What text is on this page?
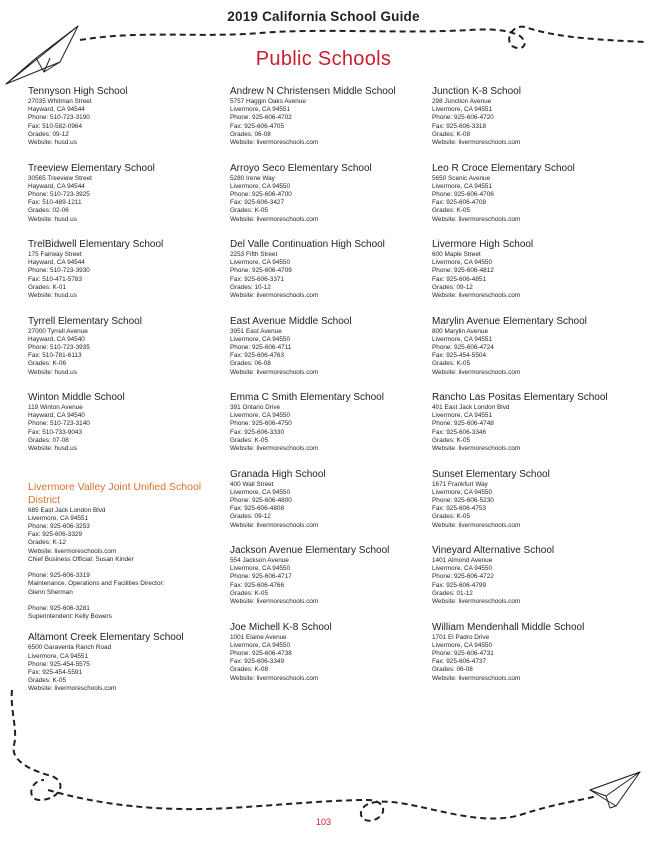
2019 California School Guide
Public Schools
Tennyson High School
27035 Whitman Street
Hayward, CA 94544
Phone: 510-723-3190
Fax: 510-582-0964
Grades: 09-12
Website: husd.us
Treeview Elementary School
30565 Treeview Street
Hayward, CA 94544
Phone: 510-723-3925
Fax: 510-489-1211
Grades: 02-06
Website: husd.us
TrelBidwell Elementary School
175 Fairway Street
Hayward, CA 94544
Phone: 510-723-3930
Fax: 510-471-5783
Grades: K-01
Website: husd.us
Tyrrell Elementary School
27000 Tyrrell Avenue
Hayward, CA 94540
Phone: 510-723-3935
Fax: 510-781-6113
Grades: K-06
Website: husd.us
Winton Middle School
119 Winton Avenue
Hayward, CA 94540
Phone: 510-723-3140
Fax: 510-733-9043
Grades: 07-08
Website: husd.us
Livermore Valley Joint Unified School District
685 East Jack London Blvd
Livermore, CA 94551
Phone: 925-606-3253
Fax: 925-606-3329
Grades: K-12
Website: livermoreschools.com
Chief Business Official: Susan Kinder
Phone: 925-606-3319
Maintenance, Operations and Facilities Director:
Glenn Sherman
Phone: 925-606-3281
Superintendent: Kelly Bowers
Altamont Creek Elementary School
6500 Garaventa Ranch Road
Livermore, CA 94551
Phone: 925-454-5575
Fax: 925-454-5591
Grades: K-05
Website: livermoreschools.com
Andrew N Christensen Middle School
5757 Haggin Oaks Avenue
Livermore, CA 94551
Phone: 925-606-4702
Fax: 925-606-4705
Grades: 06-08
Website: livermoreschools.com
Arroyo Seco Elementary School
5280 Irene Way
Livermore, CA 94550
Phone: 925-606-4700
Fax: 925-606-3427
Grades: K-05
Website: livermoreschools.com
Del Valle Continuation High School
2253 Fifth Street
Livermore, CA 94550
Phone: 925-606-4709
Fax: 925-606-3371
Grades: 10-12
Website: livermoreschools.com
East Avenue Middle School
3951 East Avenue
Livermore, CA 94550
Phone: 925-606-4711
Fax: 925-606-4763
Grades: 06-08
Website: livermoreschools.com
Emma C Smith Elementary School
391 Ontario Drive
Livermore, CA 94550
Phone: 925-606-4750
Fax: 925-606-3330
Grades: K-05
Website: livermoreschools.com
Granada High School
400 Wall Street
Livermore, CA 94550
Phone: 925-606-4800
Fax: 925-606-4808
Grades: 09-12
Website: livermoreschools.com
Jackson Avenue Elementary School
554 Jackson Avenue
Livermore, CA 94550
Phone: 925-606-4717
Fax: 925-606-4766
Grades: K-05
Website: livermoreschools.com
Joe Michell K-8 School
1001 Elaine Avenue
Livermore, CA 94550
Phone: 925-606-4738
Fax: 925-606-3349
Grades: K-08
Website: livermoreschools.com
Junction K-8 School
298 Junction Avenue
Livermore, CA 94551
Phone: 925-606-4720
Fax: 925-606-3318
Grades: K-08
Website: livermoreschools.com
Leo R Croce Elementary School
5650 Scenic Avenue
Livermore, CA 94551
Phone: 925-606-4706
Fax: 925-606-4708
Grades: K-05
Website: livermoreschools.com
Livermore High School
600 Maple Street
Livermore, CA 94550
Phone: 925-606-4812
Fax: 925-606-4851
Grades: 09-12
Website: livermoreschools.com
Marylin Avenue Elementary School
800 Marylin Avenue
Livermore, CA 94551
Phone: 925-606-4724
Fax: 925-454-5504
Grades: K-05
Website: livermoreschools.com
Rancho Las Positas Elementary School
401 East Jack London Blvd
Livermore, CA 94551
Phone: 925-606-4748
Fax: 925-606-3346
Grades: K-05
Website: livermoreschools.com
Sunset Elementary School
1671 Frankfurt Way
Livermore, CA 94550
Phone: 925-606-5230
Fax: 925-606-4753
Grades: K-05
Website: livermoreschools.com
Vineyard Alternative School
1401 Almond Avenue
Livermore, CA 94550
Phone: 925-606-4722
Fax: 925-606-4799
Grades: 01-12
Website: livermoreschools.com
William Mendenhall Middle School
1701 El Padro Drive
Livermore, CA 94550
Phone: 925-606-4731
Fax: 925-606-4737
Grades: 06-08
Website: livermoreschools.com
103
